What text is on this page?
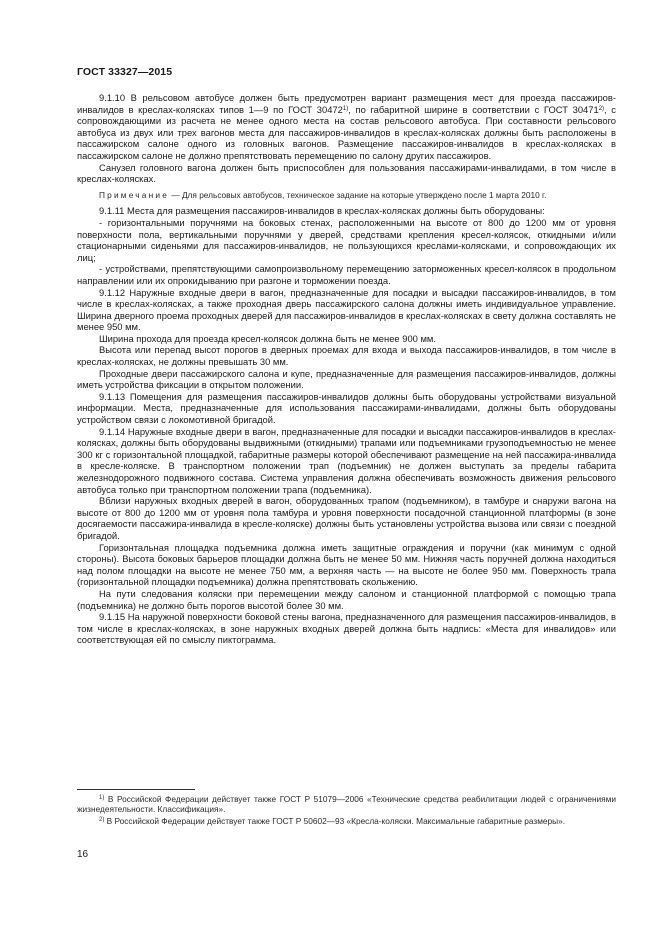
ГОСТ 33327—2015

9.1.10 В рельсовом автобусе должен быть предусмотрен вариант размещения мест для проезда пассажиров-инвалидов в креслах-колясках типов 1—9 по ГОСТ 30472$^{1)}$, по габаритной ширине в соответствии с ГОСТ 30471$^{2)}$, с сопровождающими из расчета не менее одного места на состав рельсового автобуса. При составности рельсового автобуса из двух или трех вагонов места для пассажиров-инвалидов в креслах-колясках должны быть расположены в пассажирском салоне одного из головных вагонов. Размещение пассажиров-инвалидов в креслах-колясках в пассажирском салоне не должно препятствовать перемещению по салону других пассажиров.

Санузел головного вагона должен быть приспособлен для пользования пассажирами-инвалидами, в том числе в креслах-колясках.

Примечание — Для рельсовых автобусов, техническое задание на которые утверждено после 1 марта 2010 г.

9.1.11 Места для размещения пассажиров-инвалидов в креслах-колясках должны быть оборудованы:

- горизонтальными поручнями на боковых стенах, расположенными на высоте от 800 до 1200 мм от уровня поверхности пола, вертикальными поручнями у дверей, средствами крепления кресел-колясок, откидными и/или стационарными сиденьями для пассажиров-инвалидов, не пользующихся креслами-колясками, и сопровождающих их лиц;

- устройствами, препятствующими самопроизвольному перемещению заторможенных кресел-колясок в продольном направлении или их опрокидыванию при разгоне и торможении поезда.

9.1.12 Наружные входные двери в вагон, предназначенные для посадки и высадки пассажиров-инвалидов, в том числе в креслах-колясках, а также проходная дверь пассажирского салона должны иметь индивидуальное управление. Ширина дверного проема проходных дверей для пассажиров-инвалидов в креслах-колясках в свету должна составлять не менее 950 мм.

Ширина прохода для проезда кресел-колясок должна быть не менее 900 мм.

Высота или перепад высот порогов в дверных проемах для входа и выхода пассажиров-инвалидов, в том числе в креслах-колясках, не должны превышать 30 мм.

Проходные двери пассажирского салона и купе, предназначенные для размещения пассажиров-инвалидов, должны иметь устройства фиксации в открытом положении.

9.1.13 Помещения для размещения пассажиров-инвалидов должны быть оборудованы устройствами визуальной информации. Места, предназначенные для использования пассажирами-инвалидами, должны быть оборудованы устройством связи с локомотивной бригадой.

9.1.14 Наружные входные двери в вагон, предназначенные для посадки и высадки пассажиров-инвалидов в креслах-колясках, должны быть оборудованы выдвижными (откидными) трапами или подъемниками грузоподъемностью не менее 300 кг с горизонтальной площадкой, габаритные размеры которой обеспечивают размещение на ней пассажира-инвалида в кресле-коляске. В транспортном положении трап (подъемник) не должен выступать за пределы габарита железнодорожного подвижного состава. Система управления должна обеспечивать возможность движения рельсового автобуса только при транспортном положении трапа (подъемника).

Вблизи наружных входных дверей в вагон, оборудованных трапом (подъемником), в тамбуре и снаружи вагона на высоте от 800 до 1200 мм от уровня пола тамбура и уровня поверхности посадочной станционной платформы (в зоне досягаемости пассажира-инвалида в кресле-коляске) должны быть установлены устройства вызова или связи с поездной бригадой.

Горизонтальная площадка подъемника должна иметь защитные ограждения и поручни (как минимум с одной стороны). Высота боковых барьеров площадки должна быть не менее 50 мм. Нижняя часть поручней должна находиться над полом площадки на высоте не менее 750 мм, а верхняя часть — на высоте не более 950 мм. Поверхность трапа (горизонтальной площадки подъемника) должна препятствовать скольжению.

На пути следования коляски при перемещении между салоном и станционной платформой с помощью трапа (подъемника) не должно быть порогов высотой более 30 мм.

9.1.15 На наружной поверхности боковой стены вагона, предназначенного для размещения пассажиров-инвалидов, в том числе в креслах-колясках, в зоне наружных входных дверей должна быть надпись: «Места для инвалидов» или соответствующая ей по смыслу пиктограмма.

$^{1)}$ В Российской Федерации действует также ГОСТ Р 51079—2006 «Технические средства реабилитации людей с ограничениями жизнедеятельности. Классификация».

$^{2)}$ В Российской Федерации действует также ГОСТ Р 50602—93 «Кресла-коляски. Максимальные габаритные размеры».

16
